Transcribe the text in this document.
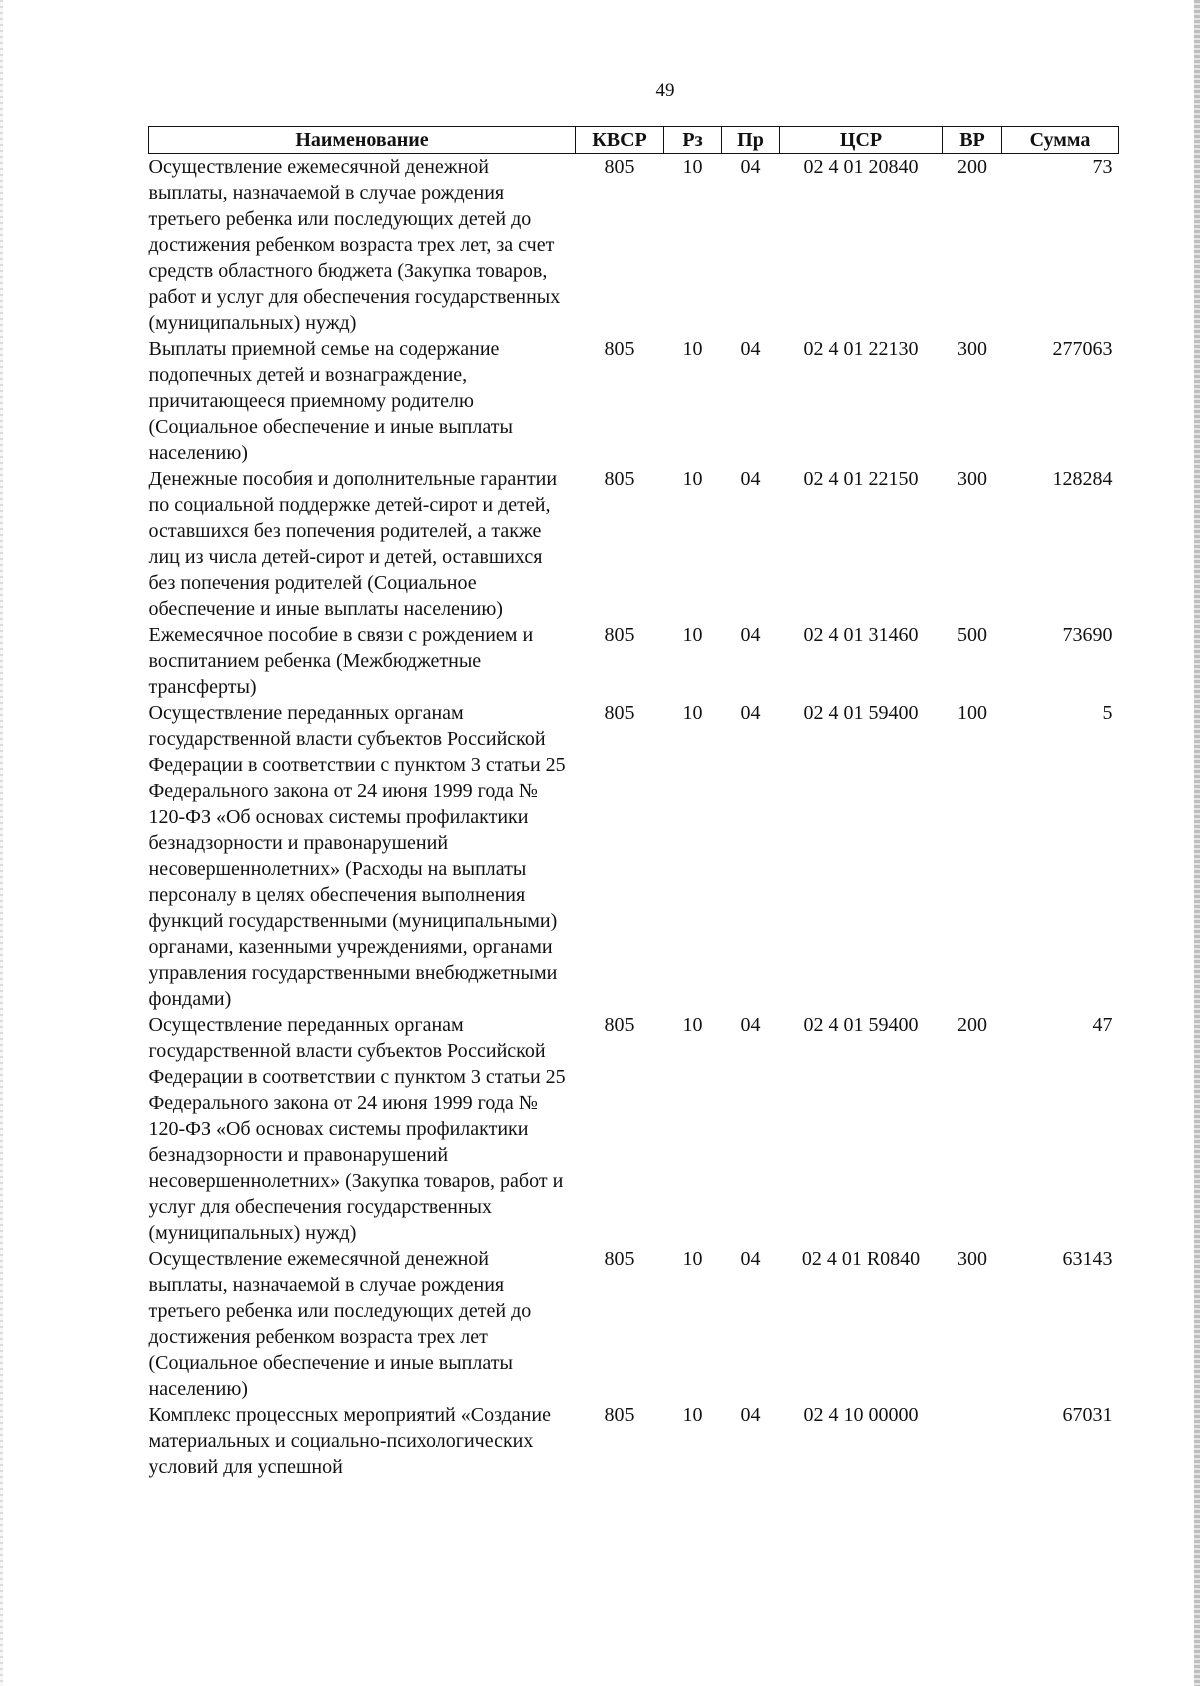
49
Наименование	КВСР	Рз	Пр	ЦСР	ВР	Сумма
Осуществление ежемесячной денежной выплаты, назначаемой в случае рождения третьего ребенка или последующих детей до достижения ребенком возраста трех лет, за счет средств областного бюджета (Закупка товаров, работ и услуг для обеспечения государственных (муниципальных) нужд)	805	10	04	02 4 01 20840	200	73
Выплаты приемной семье на содержание подопечных детей и вознаграждение, причитающееся приемному родителю (Социальное обеспечение и иные выплаты населению)	805	10	04	02 4 01 22130	300	277063
Денежные пособия и дополнительные гарантии по социальной поддержке детей-сирот и детей, оставшихся без попечения родителей, а также лиц из числа детей-сирот и детей, оставшихся без попечения родителей (Социальное обеспечение и иные выплаты населению)	805	10	04	02 4 01 22150	300	128284
Ежемесячное пособие в связи с рождением и воспитанием ребенка (Межбюджетные трансферты)	805	10	04	02 4 01 31460	500	73690
Осуществление переданных органам государственной власти субъектов Российской Федерации в соответствии с пунктом 3 статьи 25 Федерального закона от 24 июня 1999 года № 120-ФЗ «Об основах системы профилактики безнадзорности и правонарушений несовершеннолетних» (Расходы на выплаты персоналу в целях обеспечения выполнения функций государственными (муниципальными) органами, казенными учреждениями, органами управления государственными внебюджетными фондами)	805	10	04	02 4 01 59400	100	5
Осуществление переданных органам государственной власти субъектов Российской Федерации в соответствии с пунктом 3 статьи 25 Федерального закона от 24 июня 1999 года № 120-ФЗ «Об основах системы профилактики безнадзорности и правонарушений несовершеннолетних» (Закупка товаров, работ и услуг для обеспечения государственных (муниципальных) нужд)	805	10	04	02 4 01 59400	200	47
Осуществление ежемесячной денежной выплаты, назначаемой в случае рождения третьего ребенка или последующих детей до достижения ребенком возраста трех лет (Социальное обеспечение и иные выплаты населению)	805	10	04	02 4 01 R0840	300	63143
Комплекс процессных мероприятий «Создание материальных и социально-психологических условий для успешной	805	10	04	02 4 10 00000		67031
